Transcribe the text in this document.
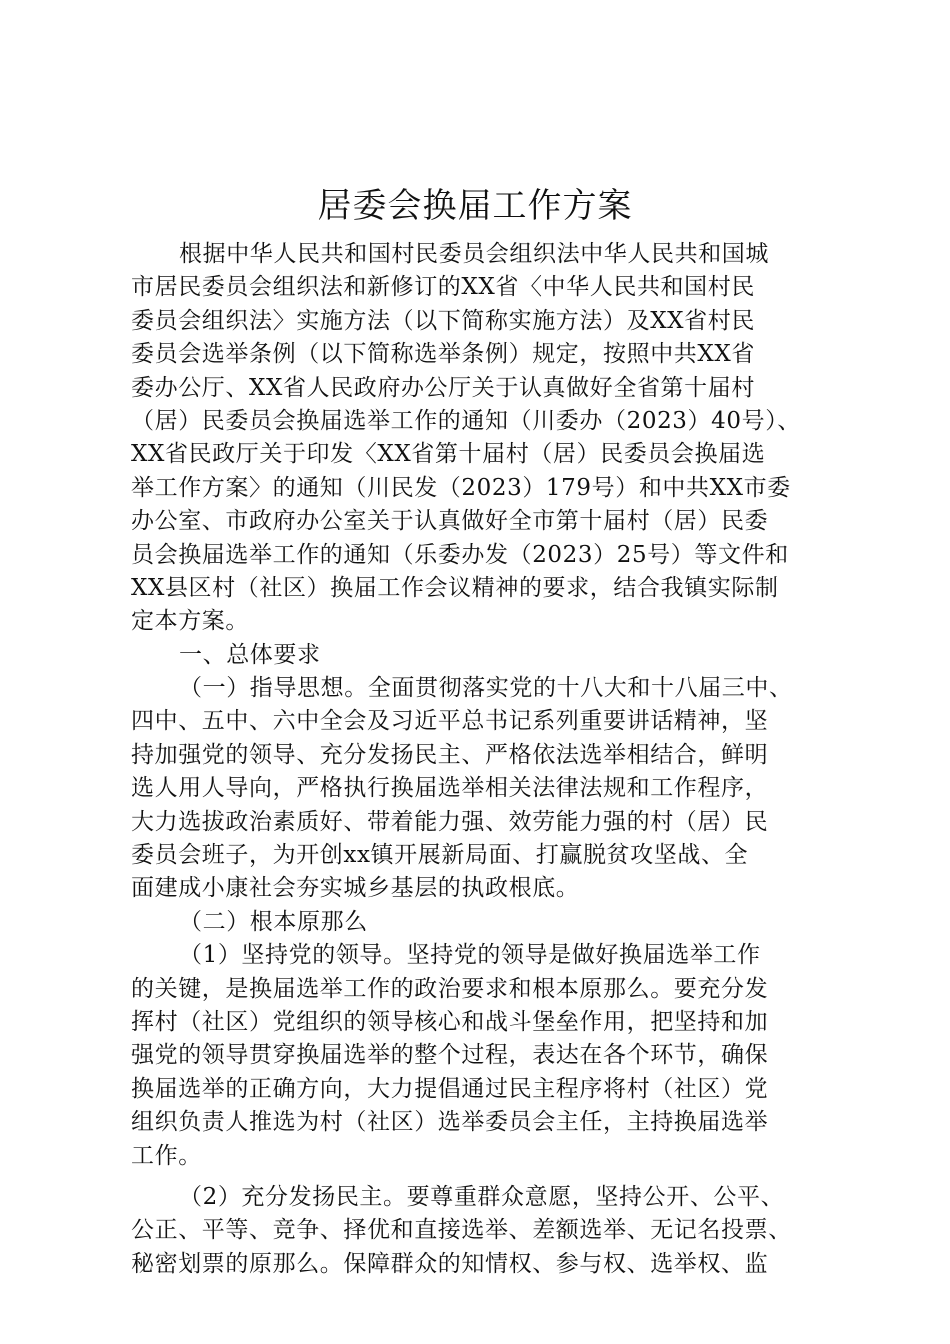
居委会换届工作方案
根据中华人民共和国村民委员会组织法中华人民共和国城
市居民委员会组织法和新修订的XX省〈中华人民共和国村民
委员会组织法〉实施方法（以下简称实施方法）及XX省村民
委员会选举条例（以下简称选举条例）规定，按照中共XX省
委办公厅、XX省人民政府办公厅关于认真做好全省第十届村
（居）民委员会换届选举工作的通知（川委办（2023）40号）、
XX省民政厅关于印发〈XX省第十届村（居）民委员会换届选
举工作方案〉的通知（川民发（2023）179号）和中共XX市委
办公室、市政府办公室关于认真做好全市第十届村（居）民委
员会换届选举工作的通知（乐委办发（2023）25号）等文件和
XX县区村（社区）换届工作会议精神的要求，结合我镇实际制
定本方案。
一、总体要求
（一）指导思想。全面贯彻落实党的十八大和十八届三中、
四中、五中、六中全会及习近平总书记系列重要讲话精神，坚
持加强党的领导、充分发扬民主、严格依法选举相结合，鲜明
选人用人导向，严格执行换届选举相关法律法规和工作程序，
大力选拔政治素质好、带着能力强、效劳能力强的村（居）民
委员会班子，为开创xx镇开展新局面、打赢脱贫攻坚战、全
面建成小康社会夯实城乡基层的执政根底。
（二）根本原那么
（1）坚持党的领导。坚持党的领导是做好换届选举工作
的关键，是换届选举工作的政治要求和根本原那么。要充分发
挥村（社区）党组织的领导核心和战斗堡垒作用，把坚持和加
强党的领导贯穿换届选举的整个过程，表达在各个环节，确保
换届选举的正确方向，大力提倡通过民主程序将村（社区）党
组织负责人推选为村（社区）选举委员会主任，主持换届选举
工作。
（2）充分发扬民主。要尊重群众意愿，坚持公开、公平、
公正、平等、竞争、择优和直接选举、差额选举、无记名投票、
秘密划票的原那么。保障群众的知情权、参与权、选举权、监
